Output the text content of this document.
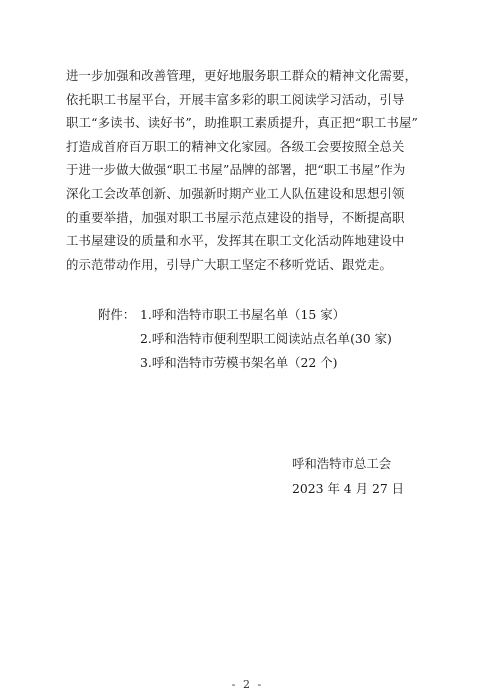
进一步加强和改善管理，更好地服务职工群众的精神文化需要，
依托职工书屋平台，开展丰富多彩的职工阅读学习活动，引导
职工“多读书、读好书”，助推职工素质提升，真正把“职工书屋”
打造成首府百万职工的精神文化家园。各级工会要按照全总关
于进一步做大做强“职工书屋”品牌的部署，把“职工书屋”作为
深化工会改革创新、加强新时期产业工人队伍建设和思想引领
的重要举措，加强对职工书屋示范点建设的指导，不断提高职
工书屋建设的质量和水平，发挥其在职工文化活动阵地建设中
的示范带动作用，引导广大职工坚定不移听党话、跟党走。
附件： 1.呼和浩特市职工书屋名单（15 家）
2.呼和浩特市便利型职工阅读站点名单(30 家)
3.呼和浩特市劳模书架名单（22 个)
呼和浩特市总工会
2023 年 4 月 27 日
- 2 -
